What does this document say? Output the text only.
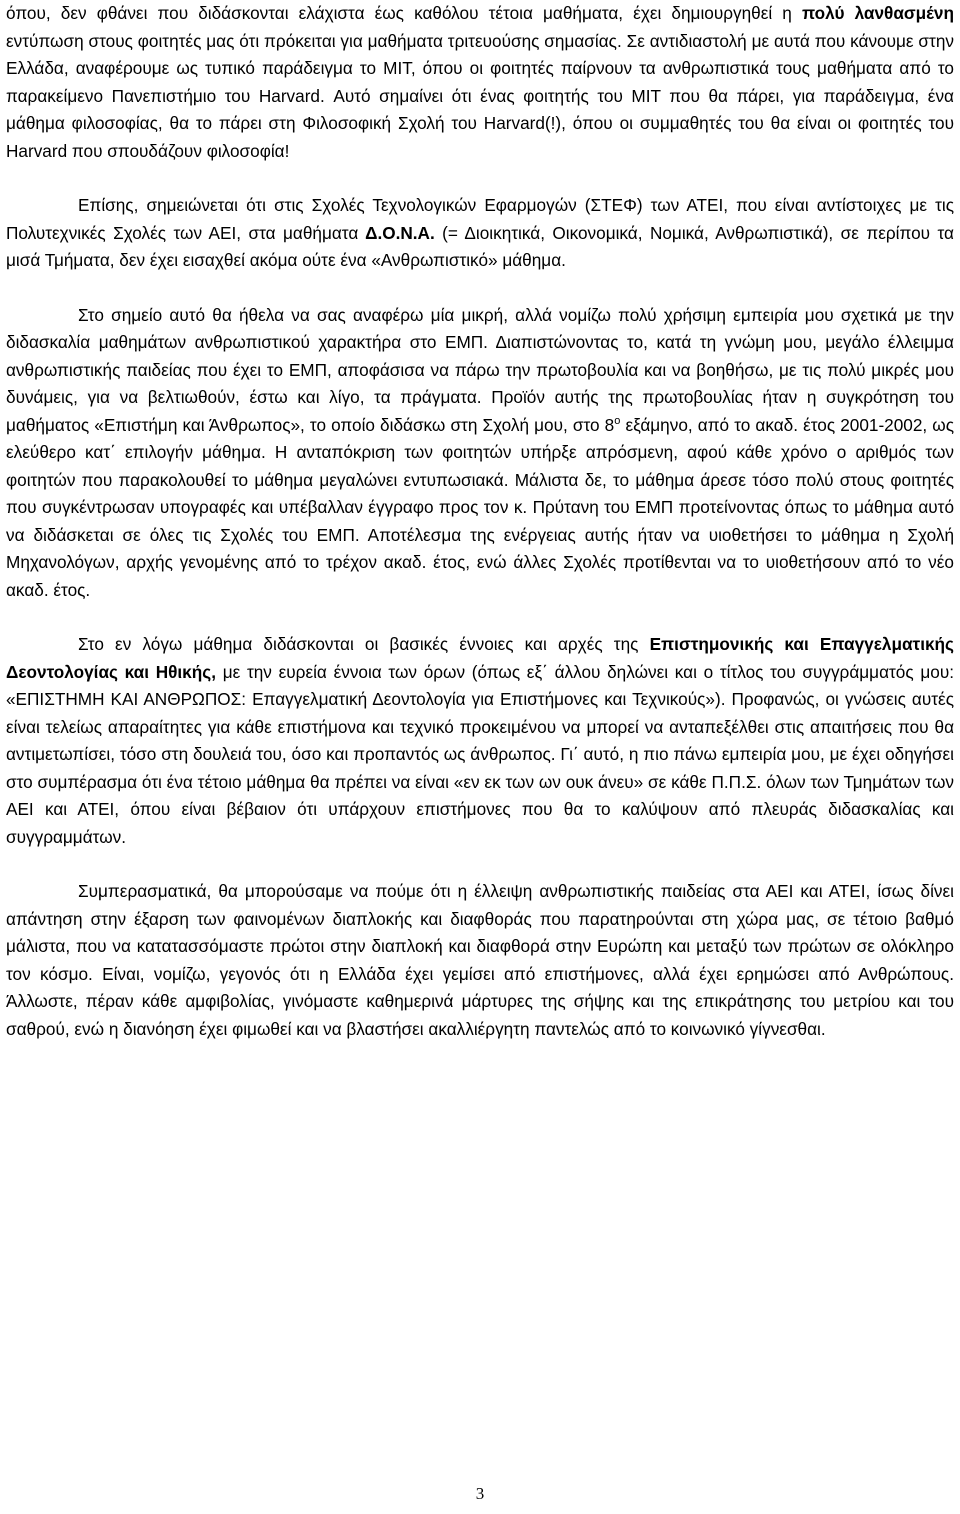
όπου, δεν φθάνει που διδάσκονται ελάχιστα έως καθόλου τέτοια μαθήματα, έχει δημιουργηθεί η πολύ λανθασμένη εντύπωση στους φοιτητές μας ότι πρόκειται για μαθήματα τριτευούσης σημασίας. Σε αντιδιαστολή με αυτά που κάνουμε στην Ελλάδα, αναφέρουμε ως τυπικό παράδειγμα το MIT, όπου οι φοιτητές παίρνουν τα ανθρωπιστικά τους μαθήματα από το παρακείμενο Πανεπιστήμιο του Harvard. Αυτό σημαίνει ότι ένας φοιτητής του MIT που θα πάρει, για παράδειγμα, ένα μάθημα φιλοσοφίας, θα το πάρει στη Φιλοσοφική Σχολή του Harvard(!), όπου οι συμμαθητές του θα είναι οι φοιτητές του Harvard που σπουδάζουν φιλοσοφία!

Επίσης, σημειώνεται ότι στις Σχολές Τεχνολογικών Εφαρμογών (ΣΤΕΦ) των ΑΤΕΙ, που είναι αντίστοιχες με τις Πολυτεχνικές Σχολές των ΑΕΙ, στα μαθήματα Δ.Ο.Ν.Α. (= Διοικητικά, Οικονομικά, Νομικά, Ανθρωπιστικά), σε περίπου τα μισά Τμήματα, δεν έχει εισαχθεί ακόμα ούτε ένα «Ανθρωπιστικό» μάθημα.

Στο σημείο αυτό θα ήθελα να σας αναφέρω μία μικρή, αλλά νομίζω πολύ χρήσιμη εμπειρία μου σχετικά με την διδασκαλία μαθημάτων ανθρωπιστικού χαρακτήρα στο ΕΜΠ. Διαπιστώνοντας το, κατά τη γνώμη μου, μεγάλο έλλειμμα ανθρωπιστικής παιδείας που έχει το ΕΜΠ, αποφάσισα να πάρω την πρωτοβουλία και να βοηθήσω, με τις πολύ μικρές μου δυνάμεις, για να βελτιωθούν, έστω και λίγο, τα πράγματα. Προϊόν αυτής της πρωτοβουλίας ήταν η συγκρότηση του μαθήματος «Επιστήμη και Άνθρωπος», το οποίο διδάσκω στη Σχολή μου, στο $8^o$ εξάμηνο, από το ακαδ. έτος 2001-2002, ως ελεύθερο κατ΄ επιλογήν μάθημα. Η ανταπόκριση των φοιτητών υπήρξε απρόσμενη, αφού κάθε χρόνο ο αριθμός των φοιτητών που παρακολουθεί το μάθημα μεγαλώνει εντυπωσιακά. Μάλιστα δε, το μάθημα άρεσε τόσο πολύ στους φοιτητές που συγκέντρωσαν υπογραφές και υπέβαλλαν έγγραφο προς τον κ. Πρύτανη του ΕΜΠ προτείνοντας όπως το μάθημα αυτό να διδάσκεται σε όλες τις Σχολές του ΕΜΠ. Αποτέλεσμα της ενέργειας αυτής ήταν να υιοθετήσει το μάθημα η Σχολή Μηχανολόγων, αρχής γενομένης από το τρέχον ακαδ. έτος, ενώ άλλες Σχολές προτίθενται να το υιοθετήσουν από το νέο ακαδ. έτος.

Στο εν λόγω μάθημα διδάσκονται οι βασικές έννοιες και αρχές της Επιστημονικής και Επαγγελματικής Δεοντολογίας και Ηθικής, με την ευρεία έννοια των όρων (όπως εξ΄ άλλου δηλώνει και ο τίτλος του συγγράμματός μου: «ΕΠΙΣΤΗΜΗ ΚΑΙ ΑΝΘΡΩΠΟΣ: Επαγγελματική Δεοντολογία για Επιστήμονες και Τεχνικούς»). Προφανώς, οι γνώσεις αυτές είναι τελείως απαραίτητες για κάθε επιστήμονα και τεχνικό προκειμένου να μπορεί να ανταπεξέλθει στις απαιτήσεις που θα αντιμετωπίσει, τόσο στη δουλειά του, όσο και προπαντός ως άνθρωπος. Γι΄ αυτό, η πιο πάνω εμπειρία μου, με έχει οδηγήσει στο συμπέρασμα ότι ένα τέτοιο μάθημα θα πρέπει να είναι «εν εκ των ων ουκ άνευ» σε κάθε Π.Π.Σ. όλων των Τμημάτων των ΑΕΙ και ΑΤΕΙ, όπου είναι βέβαιον ότι υπάρχουν επιστήμονες που θα το καλύψουν από πλευράς διδασκαλίας και συγγραμμάτων.

Συμπερασματικά, θα μπορούσαμε να πούμε ότι η έλλειψη ανθρωπιστικής παιδείας στα ΑΕΙ και ΑΤΕΙ, ίσως δίνει απάντηση στην έξαρση των φαινομένων διαπλοκής και διαφθοράς που παρατηρούνται στη χώρα μας, σε τέτοιο βαθμό μάλιστα, που να κατατασσόμαστε πρώτοι στην διαπλοκή και διαφθορά στην Ευρώπη και μεταξύ των πρώτων σε ολόκληρο τον κόσμο. Είναι, νομίζω, γεγονός ότι η Ελλάδα έχει γεμίσει από επιστήμονες, αλλά έχει ερημώσει από Ανθρώπους. Άλλωστε, πέραν κάθε αμφιβολίας, γινόμαστε καθημερινά μάρτυρες της σήψης και της επικράτησης του μετρίου και του σαθρού, ενώ η διανόηση έχει φιμωθεί και να βλαστήσει ακαλλιέργητη παντελώς από το κοινωνικό γίγνεσθαι.

3
